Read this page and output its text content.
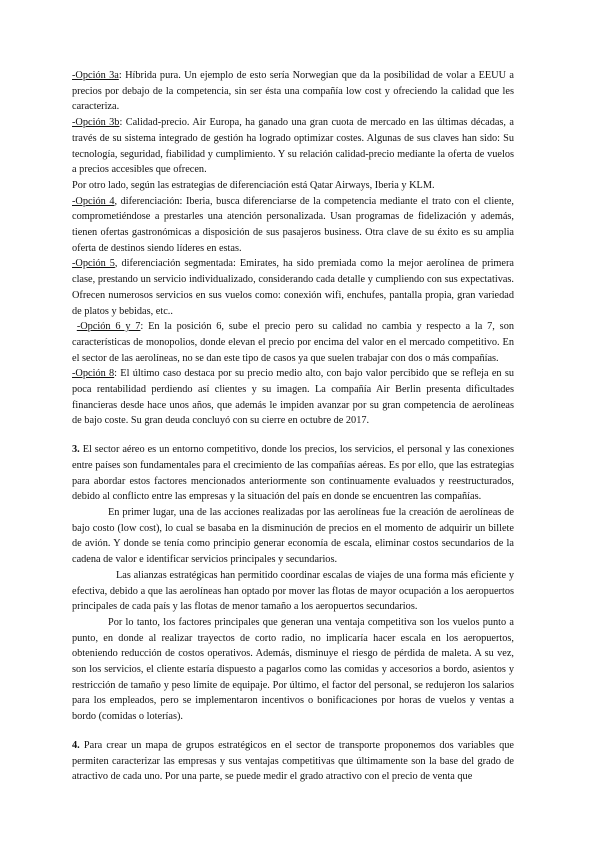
-Opción 3a: Híbrida pura. Un ejemplo de esto sería Norwegian que da la posibilidad de volar a EEUU a precios por debajo de la competencia, sin ser ésta una compañía low cost y ofreciendo la calidad que les caracteriza.

-Opción 3b: Calidad-precio. Air Europa, ha ganado una gran cuota de mercado en las últimas décadas, a través de su sistema integrado de gestión ha logrado optimizar costes. Algunas de sus claves han sido: Su tecnología, seguridad, fiabilidad y cumplimiento. Y su relación calidad-precio mediante la oferta de vuelos a precios accesibles que ofrecen.

Por otro lado, según las estrategias de diferenciación está Qatar Airways, Iberia y KLM.

-Opción 4, diferenciación: Iberia, busca diferenciarse de la competencia mediante el trato con el cliente, comprometiéndose a prestarles una atención personalizada. Usan programas de fidelización y además, tienen ofertas gastronómicas a disposición de sus pasajeros business. Otra clave de su éxito es su amplia oferta de destinos siendo líderes en estas.

-Opción 5, diferenciación segmentada: Emirates, ha sido premiada como la mejor aerolínea de primera clase, prestando un servicio individualizado, considerando cada detalle y cumpliendo con sus expectativas. Ofrecen numerosos servicios en sus vuelos como: conexión wifi, enchufes, pantalla propia, gran variedad de platos y bebidas, etc..

-Opción 6 y 7: En la posición 6, sube el precio pero su calidad no cambia y respecto a la 7, son características de monopolios, donde elevan el precio por encima del valor en el mercado competitivo. En el sector de las aerolíneas, no se dan este tipo de casos ya que suelen trabajar con dos o más compañías.

-Opción 8: El último caso destaca por su precio medio alto, con bajo valor percibido que se refleja en su poca rentabilidad perdiendo así clientes y su imagen. La compañía Air Berlin presenta dificultades financieras desde hace unos años, que además le impiden avanzar por su gran competencia de aerolíneas de bajo coste. Su gran deuda concluyó con su cierre en octubre de 2017.

3. El sector aéreo es un entorno competitivo, donde los precios, los servicios, el personal y las conexiones entre países son fundamentales para el crecimiento de las compañías aéreas. Es por ello, que las estrategias para abordar estos factores mencionados anteriormente son continuamente evaluados y reestructurados, debido al conflicto entre las empresas y la situación del país en donde se encuentren las compañías.

En primer lugar, una de las acciones realizadas por las aerolíneas fue la creación de aerolíneas de bajo costo (low cost), lo cual se basaba en la disminución de precios en el momento de adquirir un billete de avión. Y donde se tenía como principio generar economía de escala, eliminar costos secundarios de la cadena de valor e identificar servicios principales y secundarios.

Las alianzas estratégicas han permitido coordinar escalas de viajes de una forma más eficiente y efectiva, debido a que las aerolíneas han optado por mover las flotas de mayor ocupación a los aeropuertos principales de cada país y las flotas de menor tamaño a los aeropuertos secundarios.

Por lo tanto, los factores principales que generan una ventaja competitiva son los vuelos punto a punto, en donde al realizar trayectos de corto radio, no implicaría hacer escala en los aeropuertos, obteniendo reducción de costos operativos. Además, disminuye el riesgo de pérdida de maleta. A su vez, son los servicios, el cliente estaría dispuesto a pagarlos como las comidas y accesorios a bordo, asientos y restricción de tamaño y peso límite de equipaje. Por último, el factor del personal, se redujeron los salarios para los empleados, pero se implementaron incentivos o bonificaciones por horas de vuelos y ventas a bordo (comidas o loterías).

4. Para crear un mapa de grupos estratégicos en el sector de transporte proponemos dos variables que permiten caracterizar las empresas y sus ventajas competitivas que últimamente son la base del grado de atractivo de cada uno. Por una parte, se puede medir el grado atractivo con el precio de venta que
